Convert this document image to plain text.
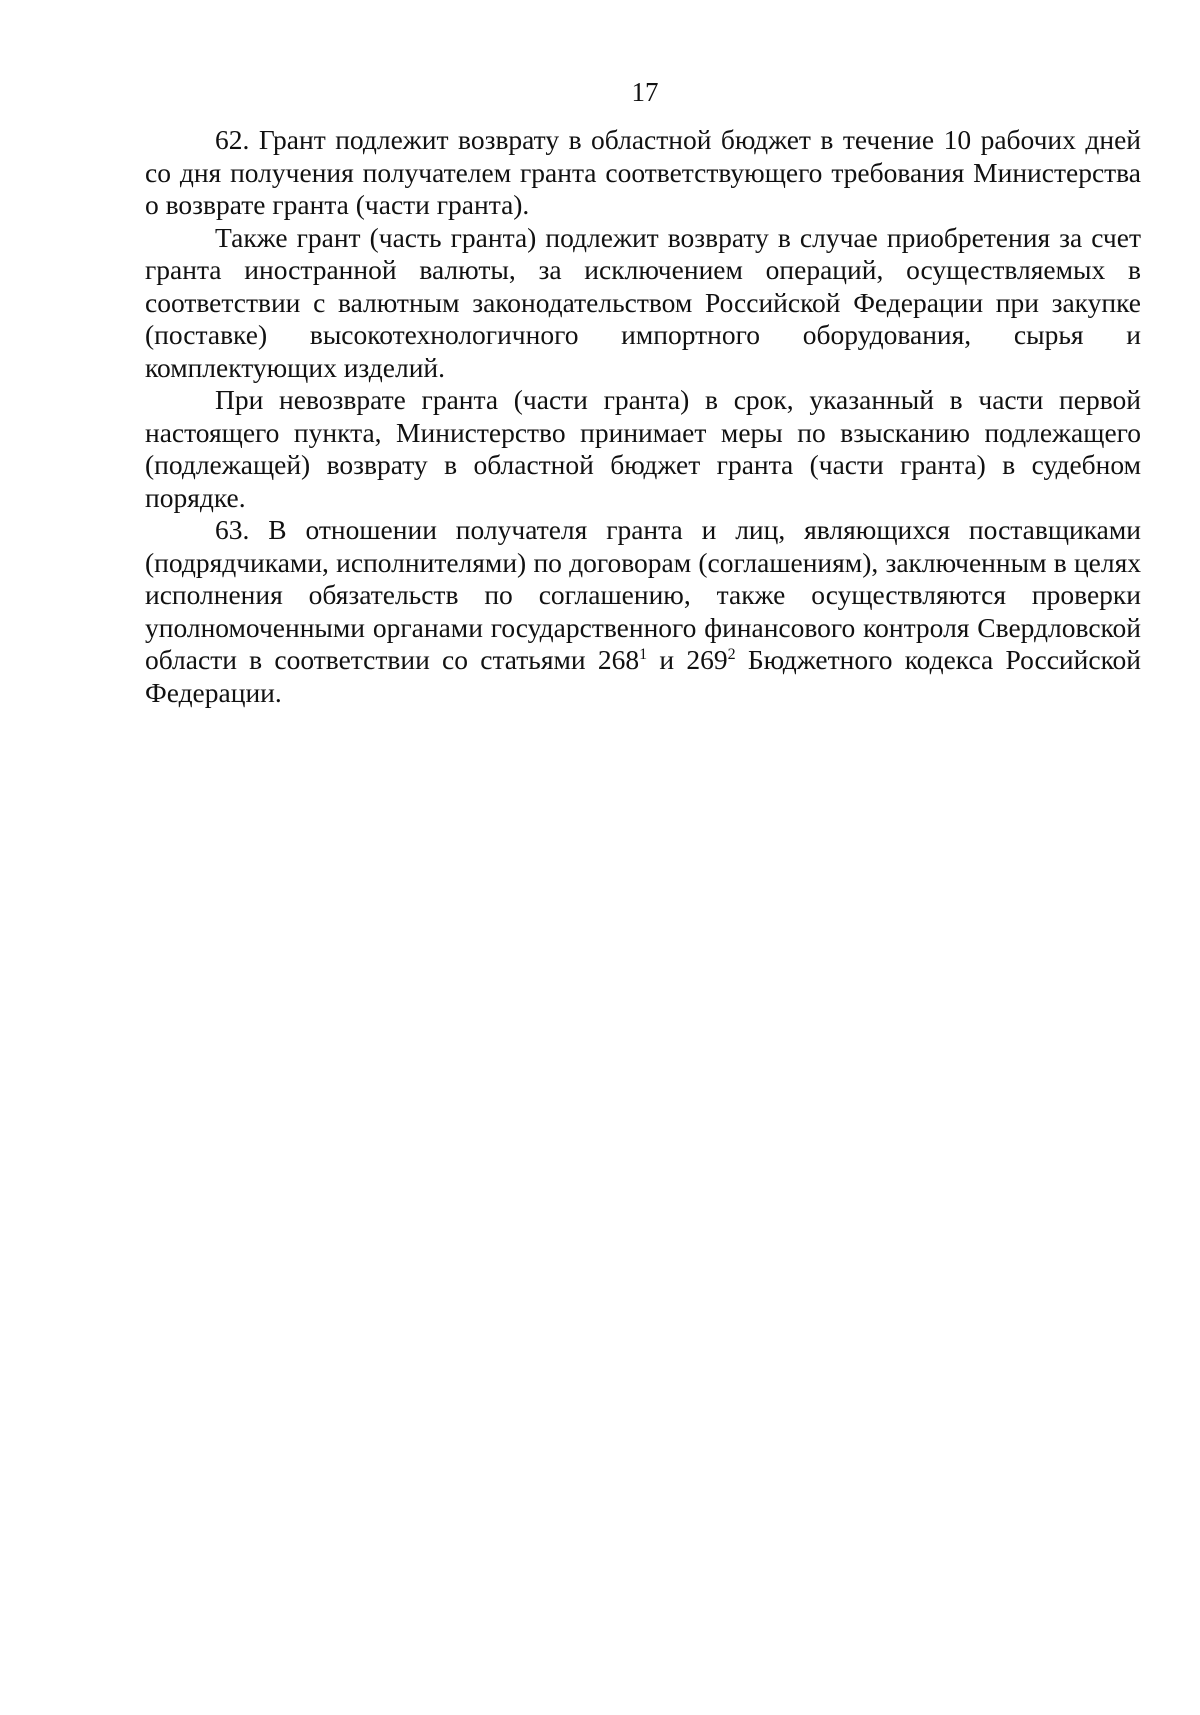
17

62. Грант подлежит возврату в областной бюджет в течение 10 рабочих дней со дня получения получателем гранта соответствующего требования Министерства о возврате гранта (части гранта).

Также грант (часть гранта) подлежит возврату в случае приобретения за счет гранта иностранной валюты, за исключением операций, осуществляемых в соответствии с валютным законодательством Российской Федерации при закупке (поставке) высокотехнологичного импортного оборудования, сырья и комплектующих изделий.

При невозврате гранта (части гранта) в срок, указанный в части первой настоящего пункта, Министерство принимает меры по взысканию подлежащего (подлежащей) возврату в областной бюджет гранта (части гранта) в судебном порядке.

63. В отношении получателя гранта и лиц, являющихся поставщиками (подрядчиками, исполнителями) по договорам (соглашениям), заключенным в целях исполнения обязательств по соглашению, также осуществляются проверки уполномоченными органами государственного финансового контроля Свердловской области в соответствии со статьями $268^1$ и $269^2$ Бюджетного кодекса Российской Федерации.
